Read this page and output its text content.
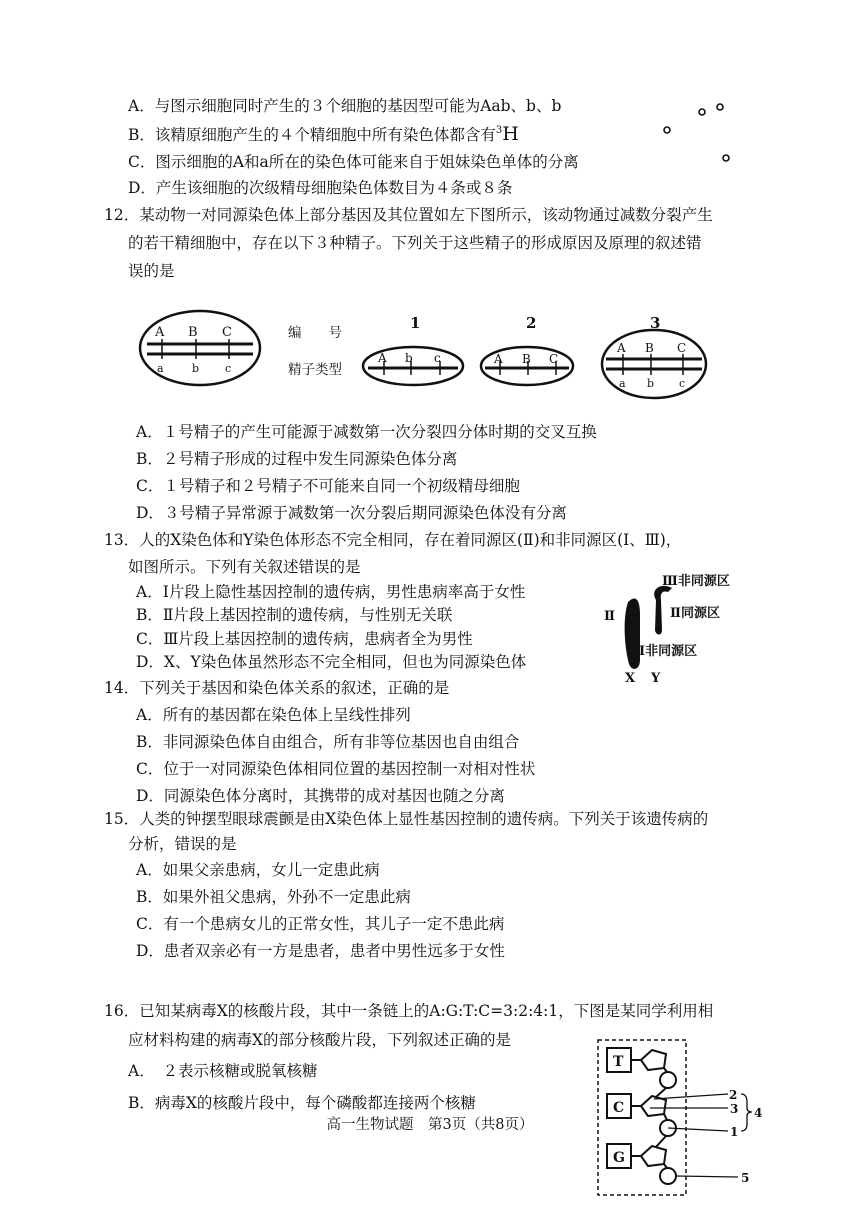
A．与图示细胞同时产生的３个细胞的基因型可能为Aab、b、b
B．该精原细胞产生的４个精细胞中所有染色体都含有$^3$H
C．图示细胞的A和a所在的染色体可能来自于姐妹染色单体的分离
D．产生该细胞的次级精母细胞染色体数目为４条或８条
12．某动物一对同源染色体上部分基因及其位置如左下图所示，该动物通过减数分裂产生
的若干精细胞中，存在以下３种精子。下列关于这些精子的形成原因及原理的叙述错
误的是
A B C
a	b c
编　　号
精子类型
1	2	3
A b c	A B C
A B C
a b c
A．１号精子的产生可能源于减数第一次分裂四分体时期的交叉互换
B．２号精子形成的过程中发生同源染色体分离
C．１号精子和２号精子不可能来自同一个初级精母细胞
D．３号精子异常源于减数第一次分裂后期同源染色体没有分离
13．人的X染色体和Y染色体形态不完全相同，存在着同源区(Ⅱ)和非同源区(Ⅰ、Ⅲ)，
如图所示。下列有关叙述错误的是
A．Ⅰ片段上隐性基因控制的遗传病，男性患病率高于女性
B．Ⅱ片段上基因控制的遗传病，与性别无关联
C．Ⅲ片段上基因控制的遗传病，患病者全为男性
D．X、Y染色体虽然形态不完全相同，但也为同源染色体
Ⅱ
Ⅲ非同源区
Ⅱ同源区
Ⅰ非同源区
X Y
14．下列关于基因和染色体关系的叙述，正确的是
A．所有的基因都在染色体上呈线性排列
B．非同源染色体自由组合，所有非等位基因也自由组合
C．位于一对同源染色体相同位置的基因控制一对相对性状
D．同源染色体分离时，其携带的成对基因也随之分离
15．人类的钟摆型眼球震颤是由X染色体上显性基因控制的遗传病。下列关于该遗传病的
分析，错误的是
A．如果父亲患病，女儿一定患此病
B．如果外祖父患病，外孙不一定患此病
C．有一个患病女儿的正常女性，其儿子一定不患此病
D．患者双亲必有一方是患者，患者中男性远多于女性
16．已知某病毒X的核酸片段，其中一条链上的A:G:T:C=3:2:4:1，下图是某同学利用相
应材料构建的病毒X的部分核酸片段，下列叙述正确的是
A．　２表示核糖或脱氧核糖
B．病毒X的核酸片段中，每个磷酸都连接两个核糖
T
C
G
2
3
1
4
5
高一生物试题　第3页（共8页）
